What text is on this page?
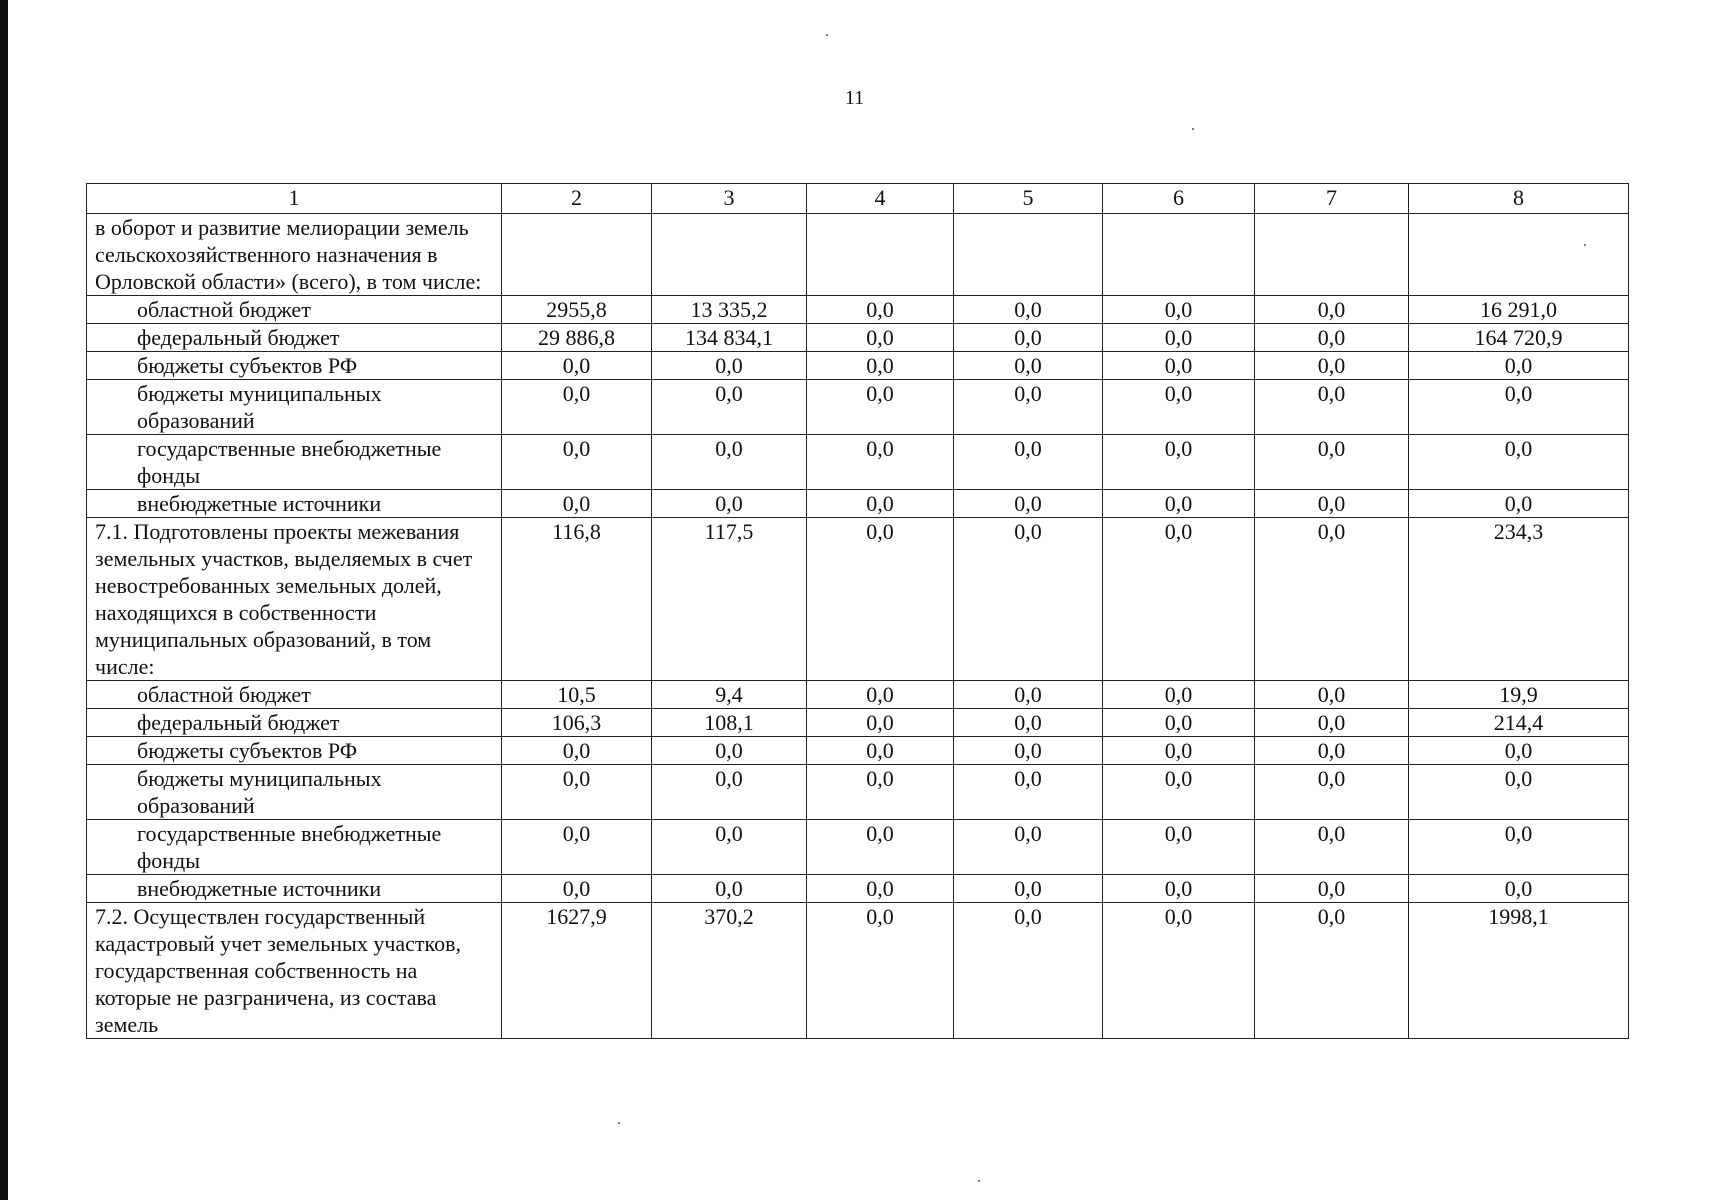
11
1	2	3	4	5	6	7	8
в оборот и развитие мелиорации земель сельскохозяйственного назначения в Орловской области» (всего), в том числе:							
областной бюджет	2955,8	13 335,2	0,0	0,0	0,0	0,0	16 291,0
федеральный бюджет	29 886,8	134 834,1	0,0	0,0	0,0	0,0	164 720,9
бюджеты субъектов РФ	0,0	0,0	0,0	0,0	0,0	0,0	0,0
бюджеты муниципальных образований	0,0	0,0	0,0	0,0	0,0	0,0	0,0
государственные внебюджетные фонды	0,0	0,0	0,0	0,0	0,0	0,0	0,0
внебюджетные источники	0,0	0,0	0,0	0,0	0,0	0,0	0,0
7.1. Подготовлены проекты межевания земельных участков, выделяемых в счет невостребованных земельных долей, находящихся в собственности муниципальных образований, в том числе:	116,8	117,5	0,0	0,0	0,0	0,0	234,3
областной бюджет	10,5	9,4	0,0	0,0	0,0	0,0	19,9
федеральный бюджет	106,3	108,1	0,0	0,0	0,0	0,0	214,4
бюджеты субъектов РФ	0,0	0,0	0,0	0,0	0,0	0,0	0,0
бюджеты муниципальных образований	0,0	0,0	0,0	0,0	0,0	0,0	0,0
государственные внебюджетные фонды	0,0	0,0	0,0	0,0	0,0	0,0	0,0
внебюджетные источники	0,0	0,0	0,0	0,0	0,0	0,0	0,0
7.2. Осуществлен государственный кадастровый учет земельных участков, государственная собственность на которые не разграничена, из состава земель	1627,9	370,2	0,0	0,0	0,0	0,0	1998,1
